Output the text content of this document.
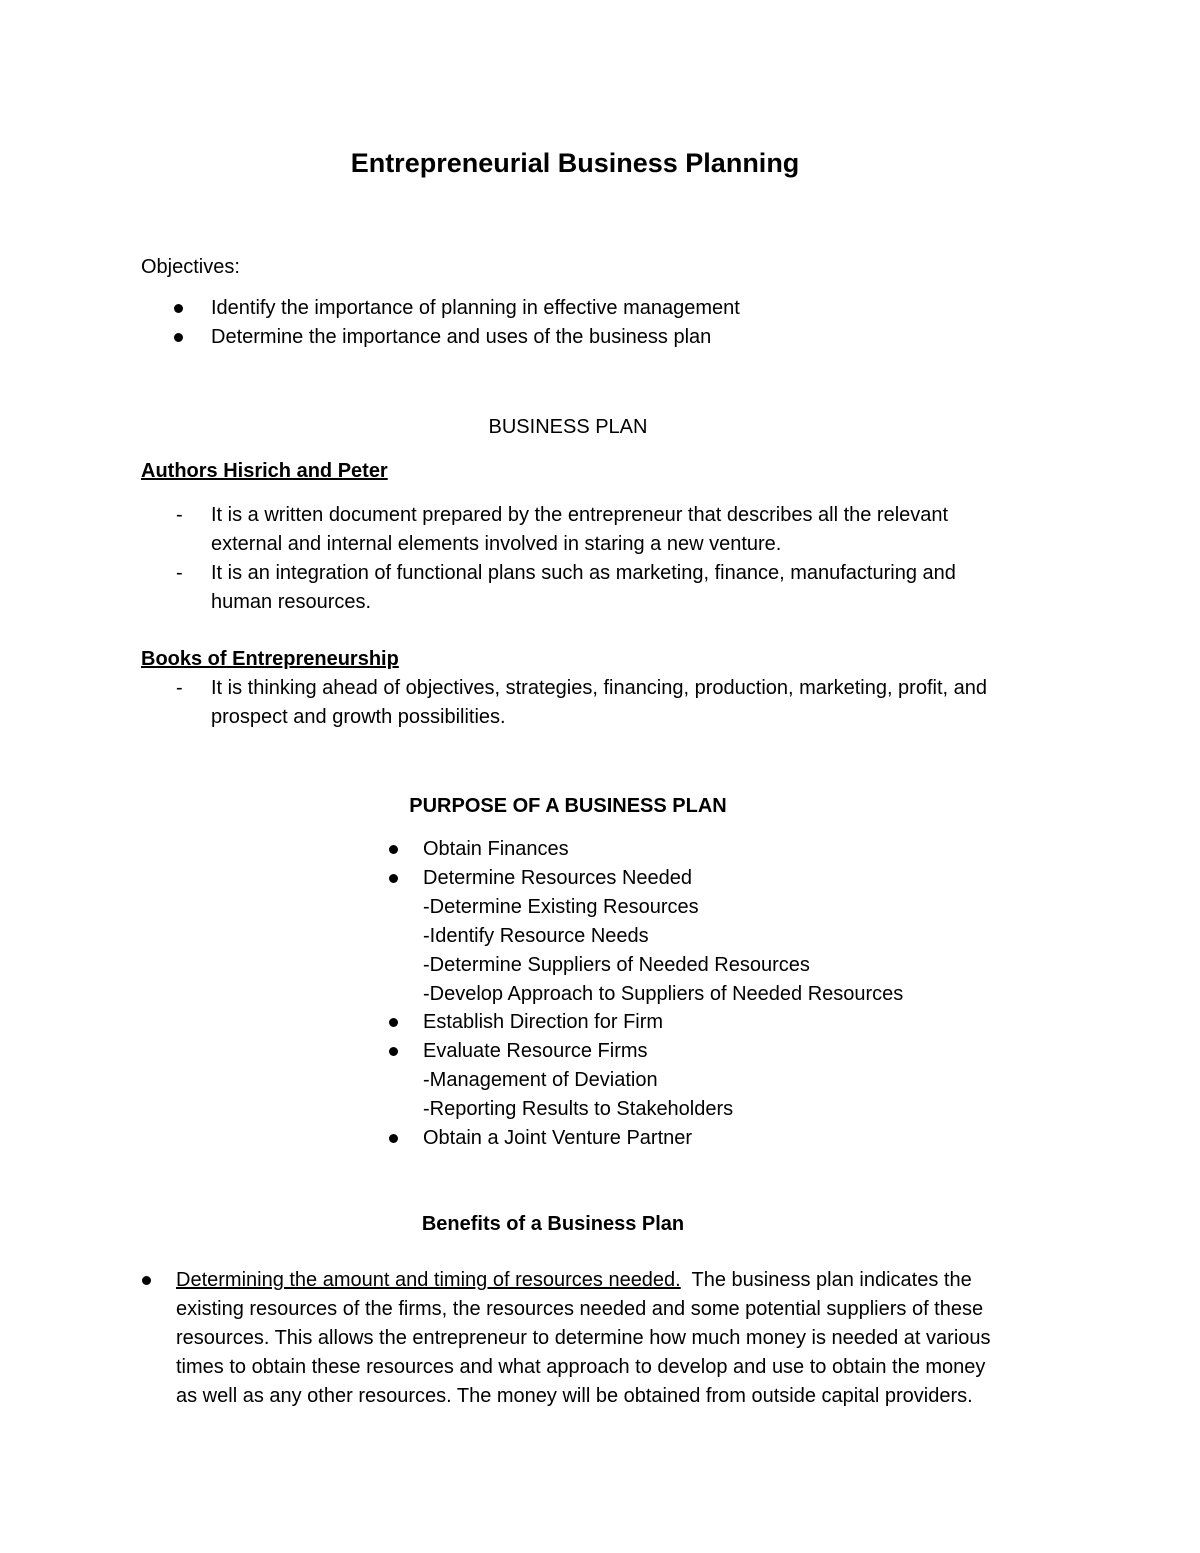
Entrepreneurial Business Planning

Objectives:

Identify the importance of planning in effective management

Determine the importance and uses of the business plan

BUSINESS PLAN

Authors Hisrich and Peter

- It is a written document prepared by the entrepreneur that describes all the relevant

external and internal elements involved in staring a new venture.

- It is an integration of functional plans such as marketing, finance, manufacturing and

human resources.

Books of Entrepreneurship

- It is thinking ahead of objectives, strategies, financing, production, marketing, profit, and

prospect and growth possibilities.

PURPOSE OF A BUSINESS PLAN

Obtain Finances

Determine Resources Needed

-Determine Existing Resources

-Identify Resource Needs

-Determine Suppliers of Needed Resources

-Develop Approach to Suppliers of Needed Resources

Establish Direction for Firm

Evaluate Resource Firms

-Management of Deviation

-Reporting Results to Stakeholders

Obtain a Joint Venture Partner

Benefits of a Business Plan

Determining the amount and timing of resources needed. The business plan indicates the

existing resources of the firms, the resources needed and some potential suppliers of these

resources. This allows the entrepreneur to determine how much money is needed at various

times to obtain these resources and what approach to develop and use to obtain the money

as well as any other resources. The money will be obtained from outside capital providers.
